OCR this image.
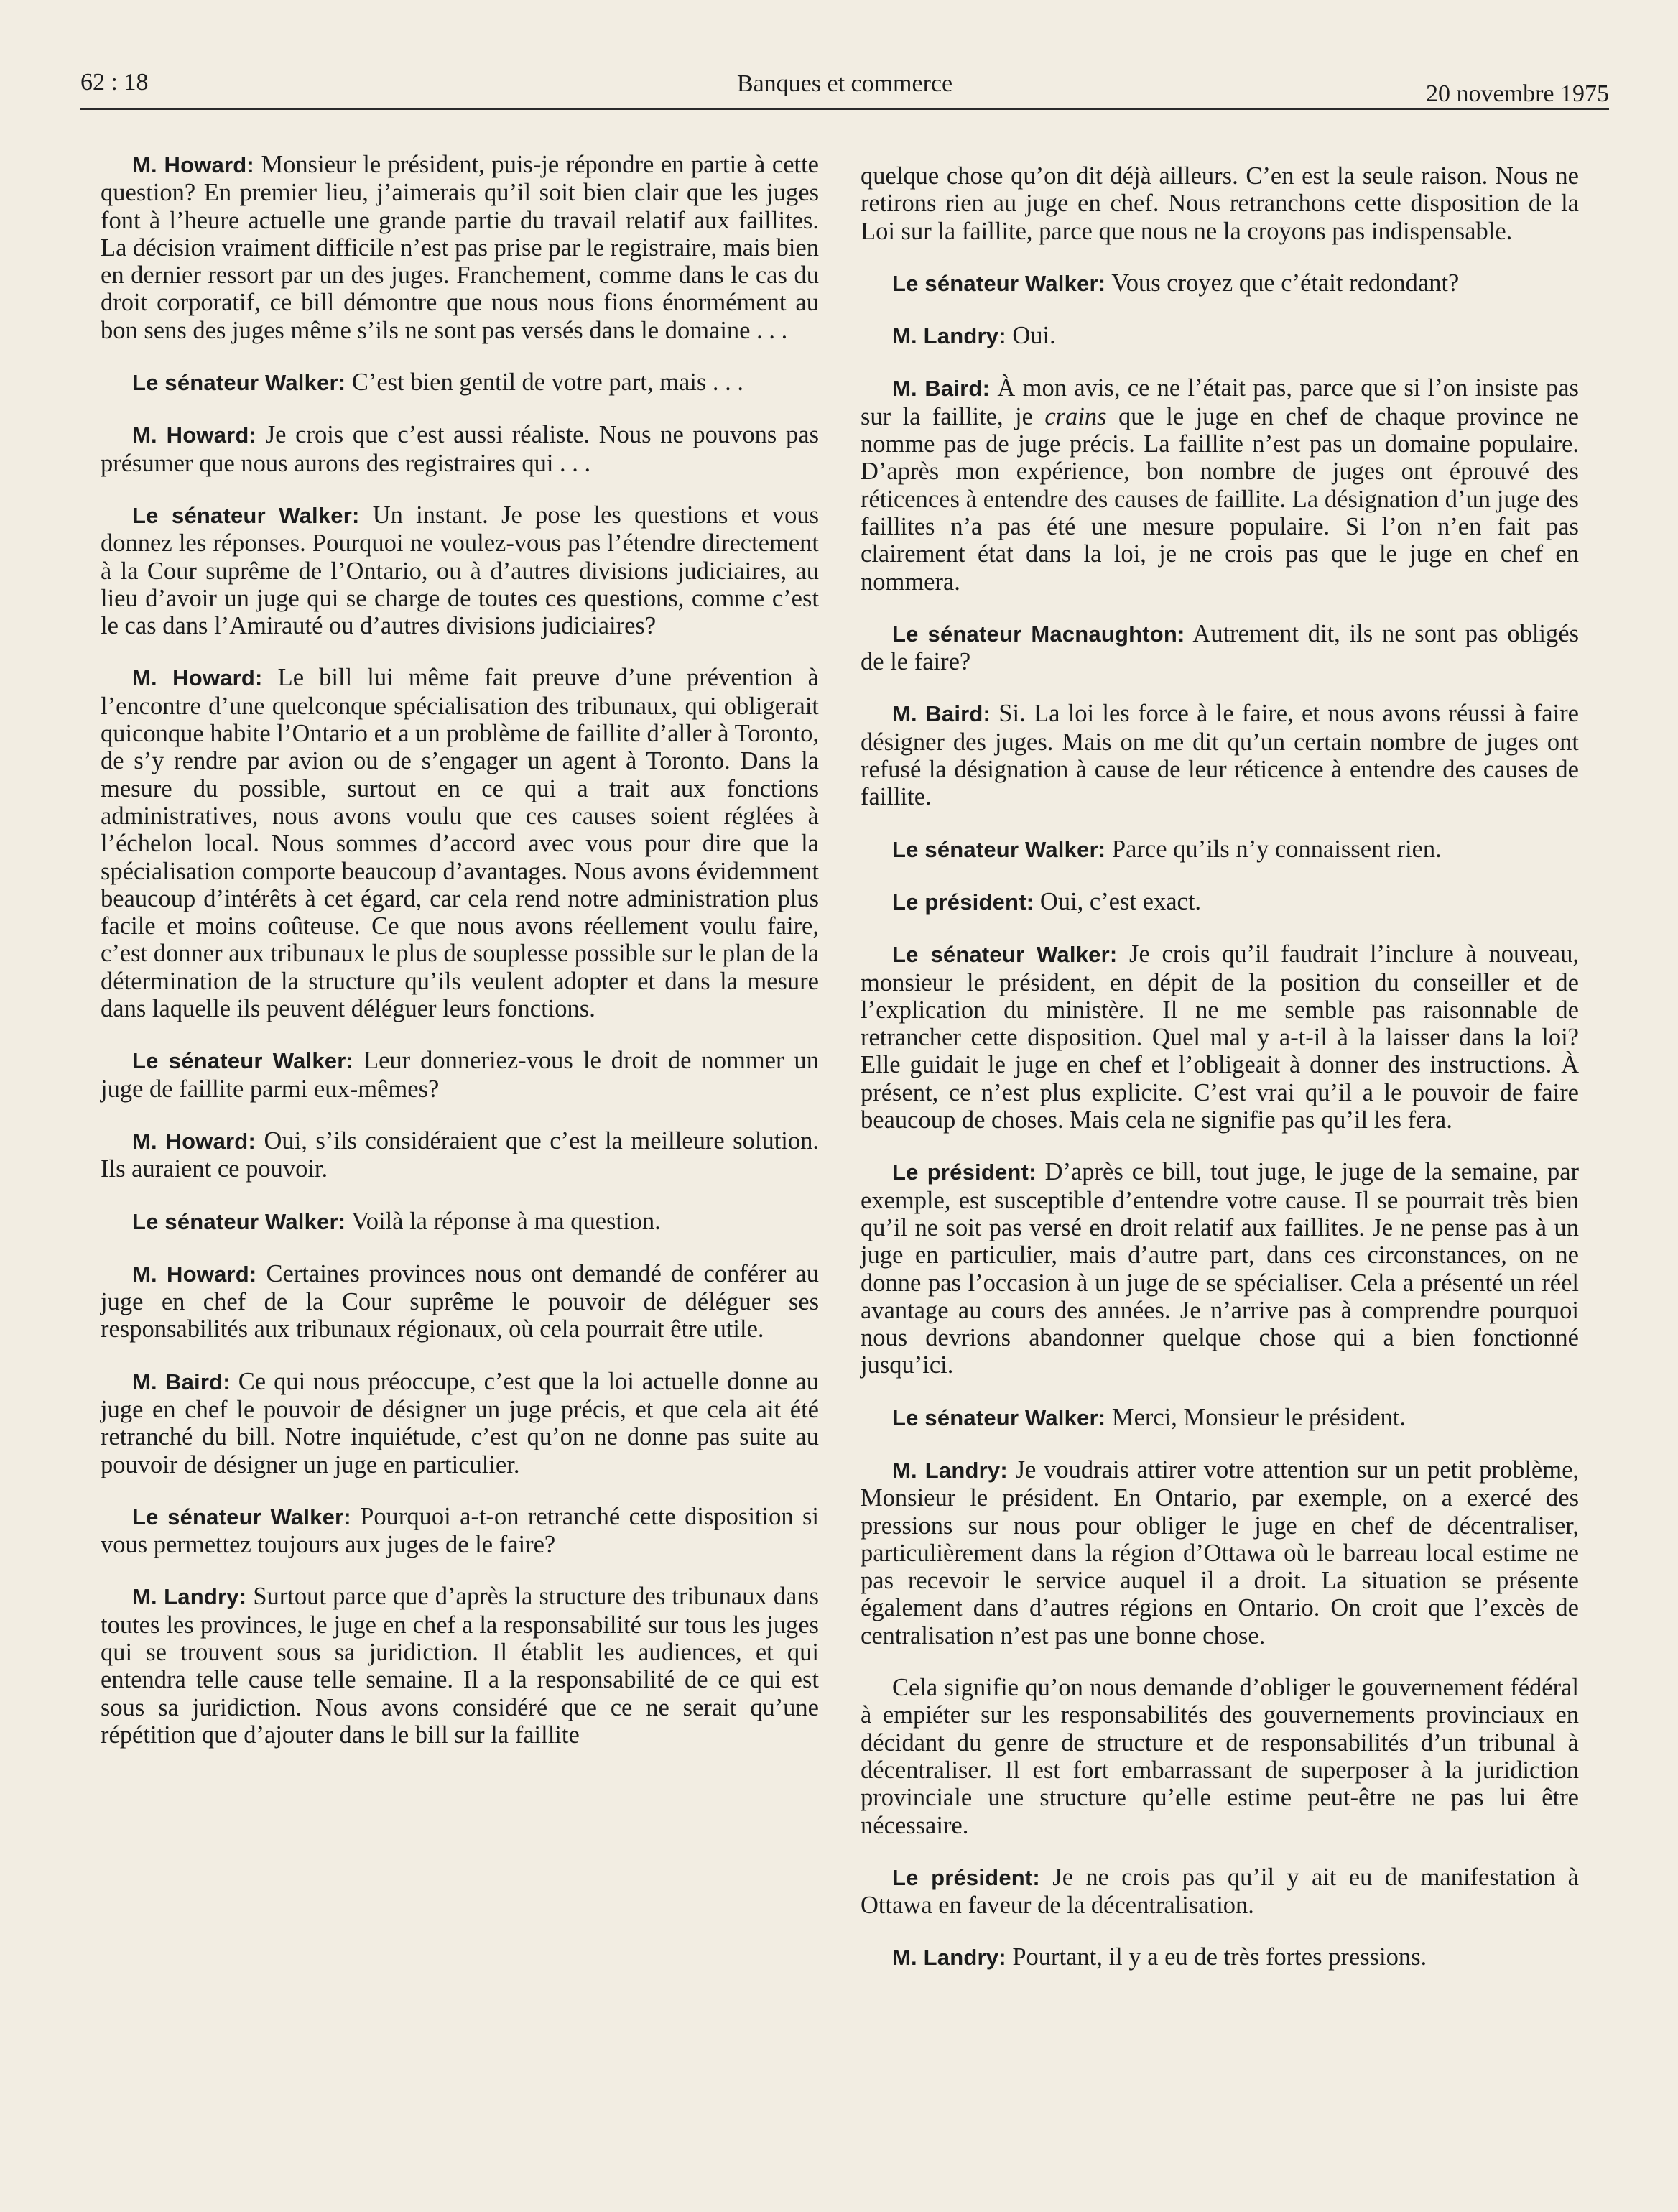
62 : 18	Banques et commerce	20 novembre 1975

M. Howard: Monsieur le président, puis-je répondre en partie à cette question? En premier lieu, j’aimerais qu’il soit bien clair que les juges font à l’heure actuelle une grande partie du travail relatif aux faillites. La décision vraiment difficile n’est pas prise par le registraire, mais bien en dernier ressort par un des juges. Franchement, comme dans le cas du droit corporatif, ce bill démontre que nous nous fions énormément au bon sens des juges même s’ils ne sont pas versés dans le domaine . . .

Le sénateur Walker: C’est bien gentil de votre part, mais . . .

M. Howard: Je crois que c’est aussi réaliste. Nous ne pouvons pas présumer que nous aurons des registraires qui . . .

Le sénateur Walker: Un instant. Je pose les questions et vous donnez les réponses. Pourquoi ne voulez-vous pas l’étendre directement à la Cour suprême de l’Ontario, ou à d’autres divisions judiciaires, au lieu d’avoir un juge qui se charge de toutes ces questions, comme c’est le cas dans l’Amirauté ou d’autres divisions judiciaires?

M. Howard: Le bill lui même fait preuve d’une prévention à l’encontre d’une quelconque spécialisation des tribunaux, qui obligerait quiconque habite l’Ontario et a un problème de faillite d’aller à Toronto, de s’y rendre par avion ou de s’engager un agent à Toronto. Dans la mesure du possible, surtout en ce qui a trait aux fonctions administratives, nous avons voulu que ces causes soient réglées à l’échelon local. Nous sommes d’accord avec vous pour dire que la spécialisation comporte beaucoup d’avantages. Nous avons évidemment beaucoup d’intérêts à cet égard, car cela rend notre administration plus facile et moins coûteuse. Ce que nous avons réellement voulu faire, c’est donner aux tribunaux le plus de souplesse possible sur le plan de la détermination de la structure qu’ils veulent adopter et dans la mesure dans laquelle ils peuvent déléguer leurs fonctions.

Le sénateur Walker: Leur donneriez-vous le droit de nommer un juge de faillite parmi eux-mêmes?

M. Howard: Oui, s’ils considéraient que c’est la meilleure solution. Ils auraient ce pouvoir.

Le sénateur Walker: Voilà la réponse à ma question.

M. Howard: Certaines provinces nous ont demandé de conférer au juge en chef de la Cour suprême le pouvoir de déléguer ses responsabilités aux tribunaux régionaux, où cela pourrait être utile.

M. Baird: Ce qui nous préoccupe, c’est que la loi actuelle donne au juge en chef le pouvoir de désigner un juge précis, et que cela ait été retranché du bill. Notre inquiétude, c’est qu’on ne donne pas suite au pouvoir de désigner un juge en particulier.

Le sénateur Walker: Pourquoi a-t-on retranché cette disposition si vous permettez toujours aux juges de le faire?

M. Landry: Surtout parce que d’après la structure des tribunaux dans toutes les provinces, le juge en chef a la responsabilité sur tous les juges qui se trouvent sous sa juridiction. Il établit les audiences, et qui entendra telle cause telle semaine. Il a la responsabilité de ce qui est sous sa juridiction. Nous avons considéré que ce ne serait qu’une répétition que d’ajouter dans le bill sur la faillite

quelque chose qu’on dit déjà ailleurs. C’en est la seule raison. Nous ne retirons rien au juge en chef. Nous retranchons cette disposition de la Loi sur la faillite, parce que nous ne la croyons pas indispensable.

Le sénateur Walker: Vous croyez que c’était redondant?

M. Landry: Oui.

M. Baird: À mon avis, ce ne l’était pas, parce que si l’on insiste pas sur la faillite, je crains que le juge en chef de chaque province ne nomme pas de juge précis. La faillite n’est pas un domaine populaire. D’après mon expérience, bon nombre de juges ont éprouvé des réticences à entendre des causes de faillite. La désignation d’un juge des faillites n’a pas été une mesure populaire. Si l’on n’en fait pas clairement état dans la loi, je ne crois pas que le juge en chef en nommera.

Le sénateur Macnaughton: Autrement dit, ils ne sont pas obligés de le faire?

M. Baird: Si. La loi les force à le faire, et nous avons réussi à faire désigner des juges. Mais on me dit qu’un certain nombre de juges ont refusé la désignation à cause de leur réticence à entendre des causes de faillite.

Le sénateur Walker: Parce qu’ils n’y connaissent rien.

Le président: Oui, c’est exact.

Le sénateur Walker: Je crois qu’il faudrait l’inclure à nouveau, monsieur le président, en dépit de la position du conseiller et de l’explication du ministère. Il ne me semble pas raisonnable de retrancher cette disposition. Quel mal y a-t-il à la laisser dans la loi? Elle guidait le juge en chef et l’obligeait à donner des instructions. À présent, ce n’est plus explicite. C’est vrai qu’il a le pouvoir de faire beaucoup de choses. Mais cela ne signifie pas qu’il les fera.

Le président: D’après ce bill, tout juge, le juge de la semaine, par exemple, est susceptible d’entendre votre cause. Il se pourrait très bien qu’il ne soit pas versé en droit relatif aux faillites. Je ne pense pas à un juge en particulier, mais d’autre part, dans ces circonstances, on ne donne pas l’occasion à un juge de se spécialiser. Cela a présenté un réel avantage au cours des années. Je n’arrive pas à comprendre pourquoi nous devrions abandonner quelque chose qui a bien fonctionné jusqu’ici.

Le sénateur Walker: Merci, Monsieur le président.

M. Landry: Je voudrais attirer votre attention sur un petit problème, Monsieur le président. En Ontario, par exemple, on a exercé des pressions sur nous pour obliger le juge en chef de décentraliser, particulièrement dans la région d’Ottawa où le barreau local estime ne pas recevoir le service auquel il a droit. La situation se présente également dans d’autres régions en Ontario. On croit que l’excès de centralisation n’est pas une bonne chose.

Cela signifie qu’on nous demande d’obliger le gouvernement fédéral à empiéter sur les responsabilités des gouvernements provinciaux en décidant du genre de structure et de responsabilités d’un tribunal à décentraliser. Il est fort embarrassant de superposer à la juridiction provinciale une structure qu’elle estime peut-être ne pas lui être nécessaire.

Le président: Je ne crois pas qu’il y ait eu de manifestation à Ottawa en faveur de la décentralisation.

M. Landry: Pourtant, il y a eu de très fortes pressions.
